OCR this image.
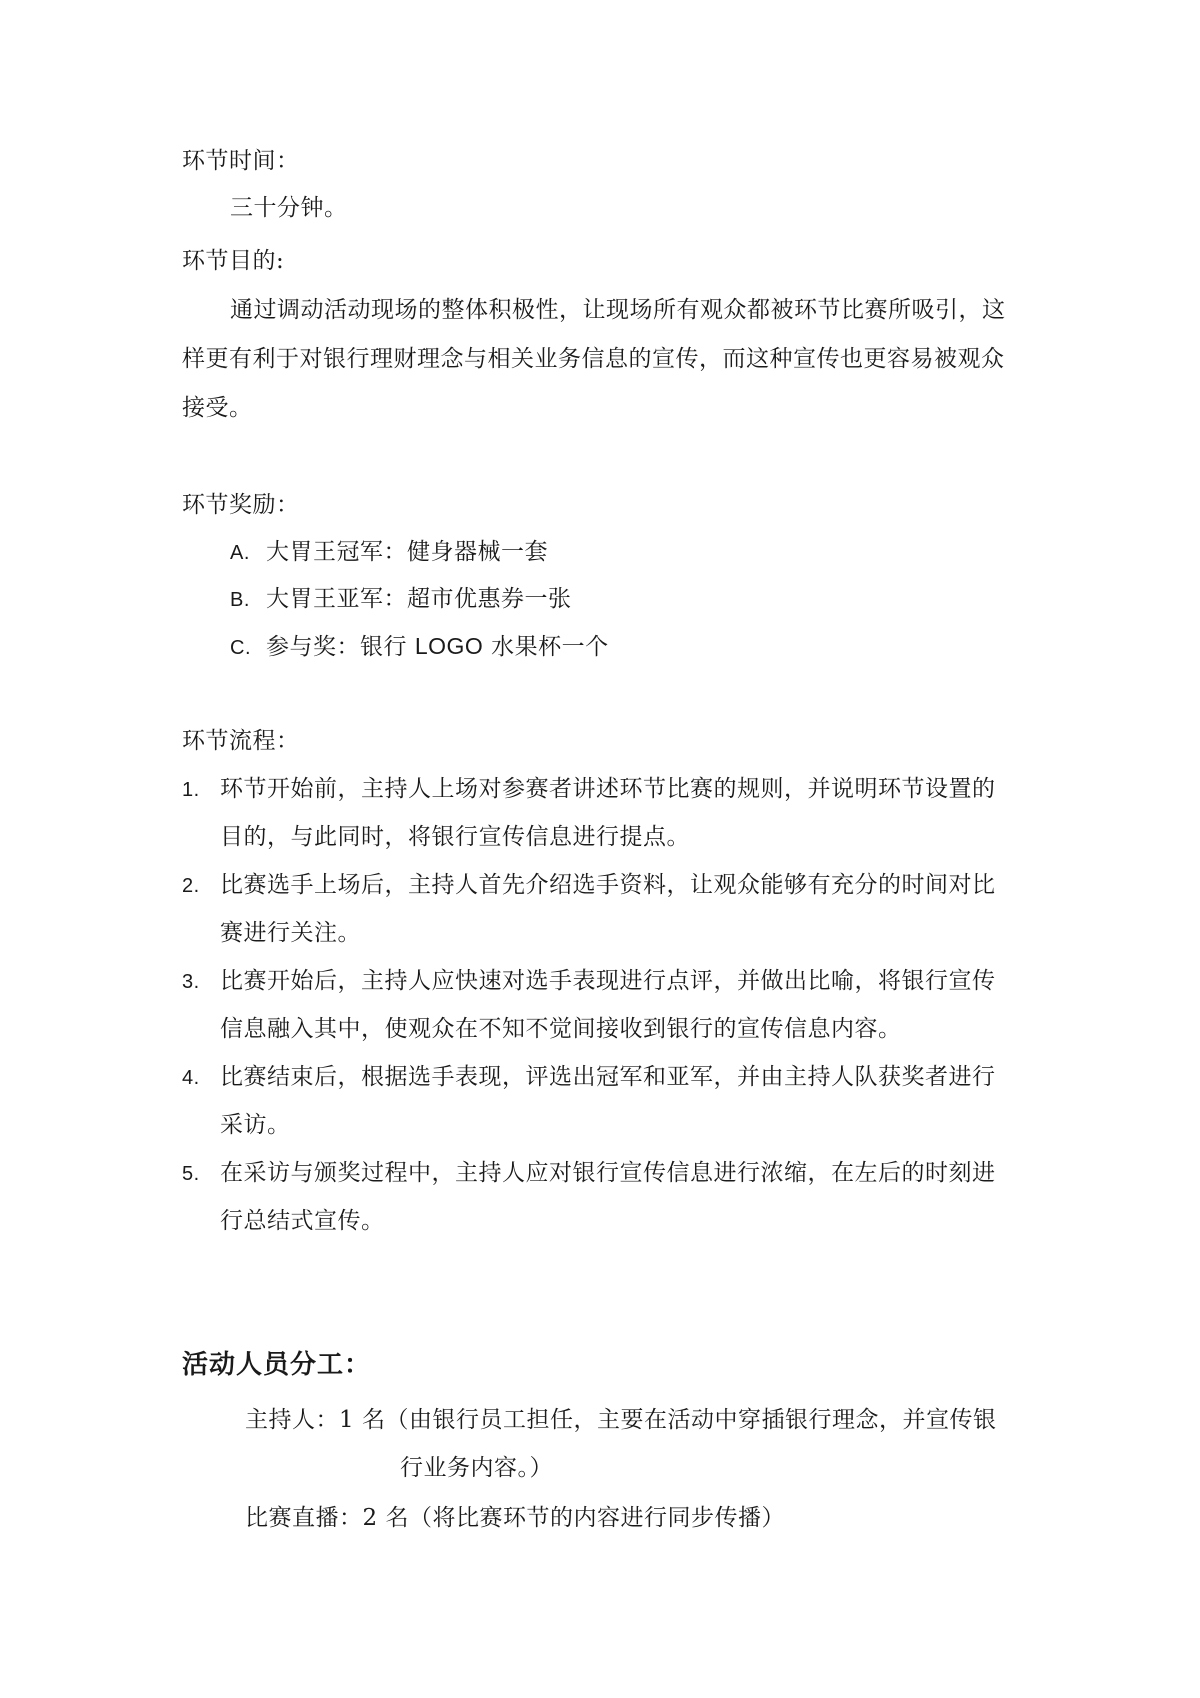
环节时间：
三十分钟。
环节目的:
通过调动活动现场的整体积极性，让现场所有观众都被环节比赛所吸引，这
样更有利于对银行理财理念与相关业务信息的宣传，而这种宣传也更容易被观众
接受。
环节奖励：
A. 大胃王冠军：健身器械一套
B. 大胃王亚军：超市优惠券一张
C. 参与奖：银行 LOGO 水果杯一个
环节流程：
1. 环节开始前，主持人上场对参赛者讲述环节比赛的规则，并说明环节设置的
目的，与此同时，将银行宣传信息进行提点。
2. 比赛选手上场后，主持人首先介绍选手资料，让观众能够有充分的时间对比
赛进行关注。
3. 比赛开始后，主持人应快速对选手表现进行点评，并做出比喻，将银行宣传
信息融入其中，使观众在不知不觉间接收到银行的宣传信息内容。
4. 比赛结束后，根据选手表现，评选出冠军和亚军，并由主持人队获奖者进行
采访。
5. 在采访与颁奖过程中，主持人应对银行宣传信息进行浓缩，在左后的时刻进
行总结式宣传。
活动人员分工：
主持人：1 名（由银行员工担任，主要在活动中穿插银行理念，并宣传银
行业务内容。）
比赛直播：2 名（将比赛环节的内容进行同步传播）
